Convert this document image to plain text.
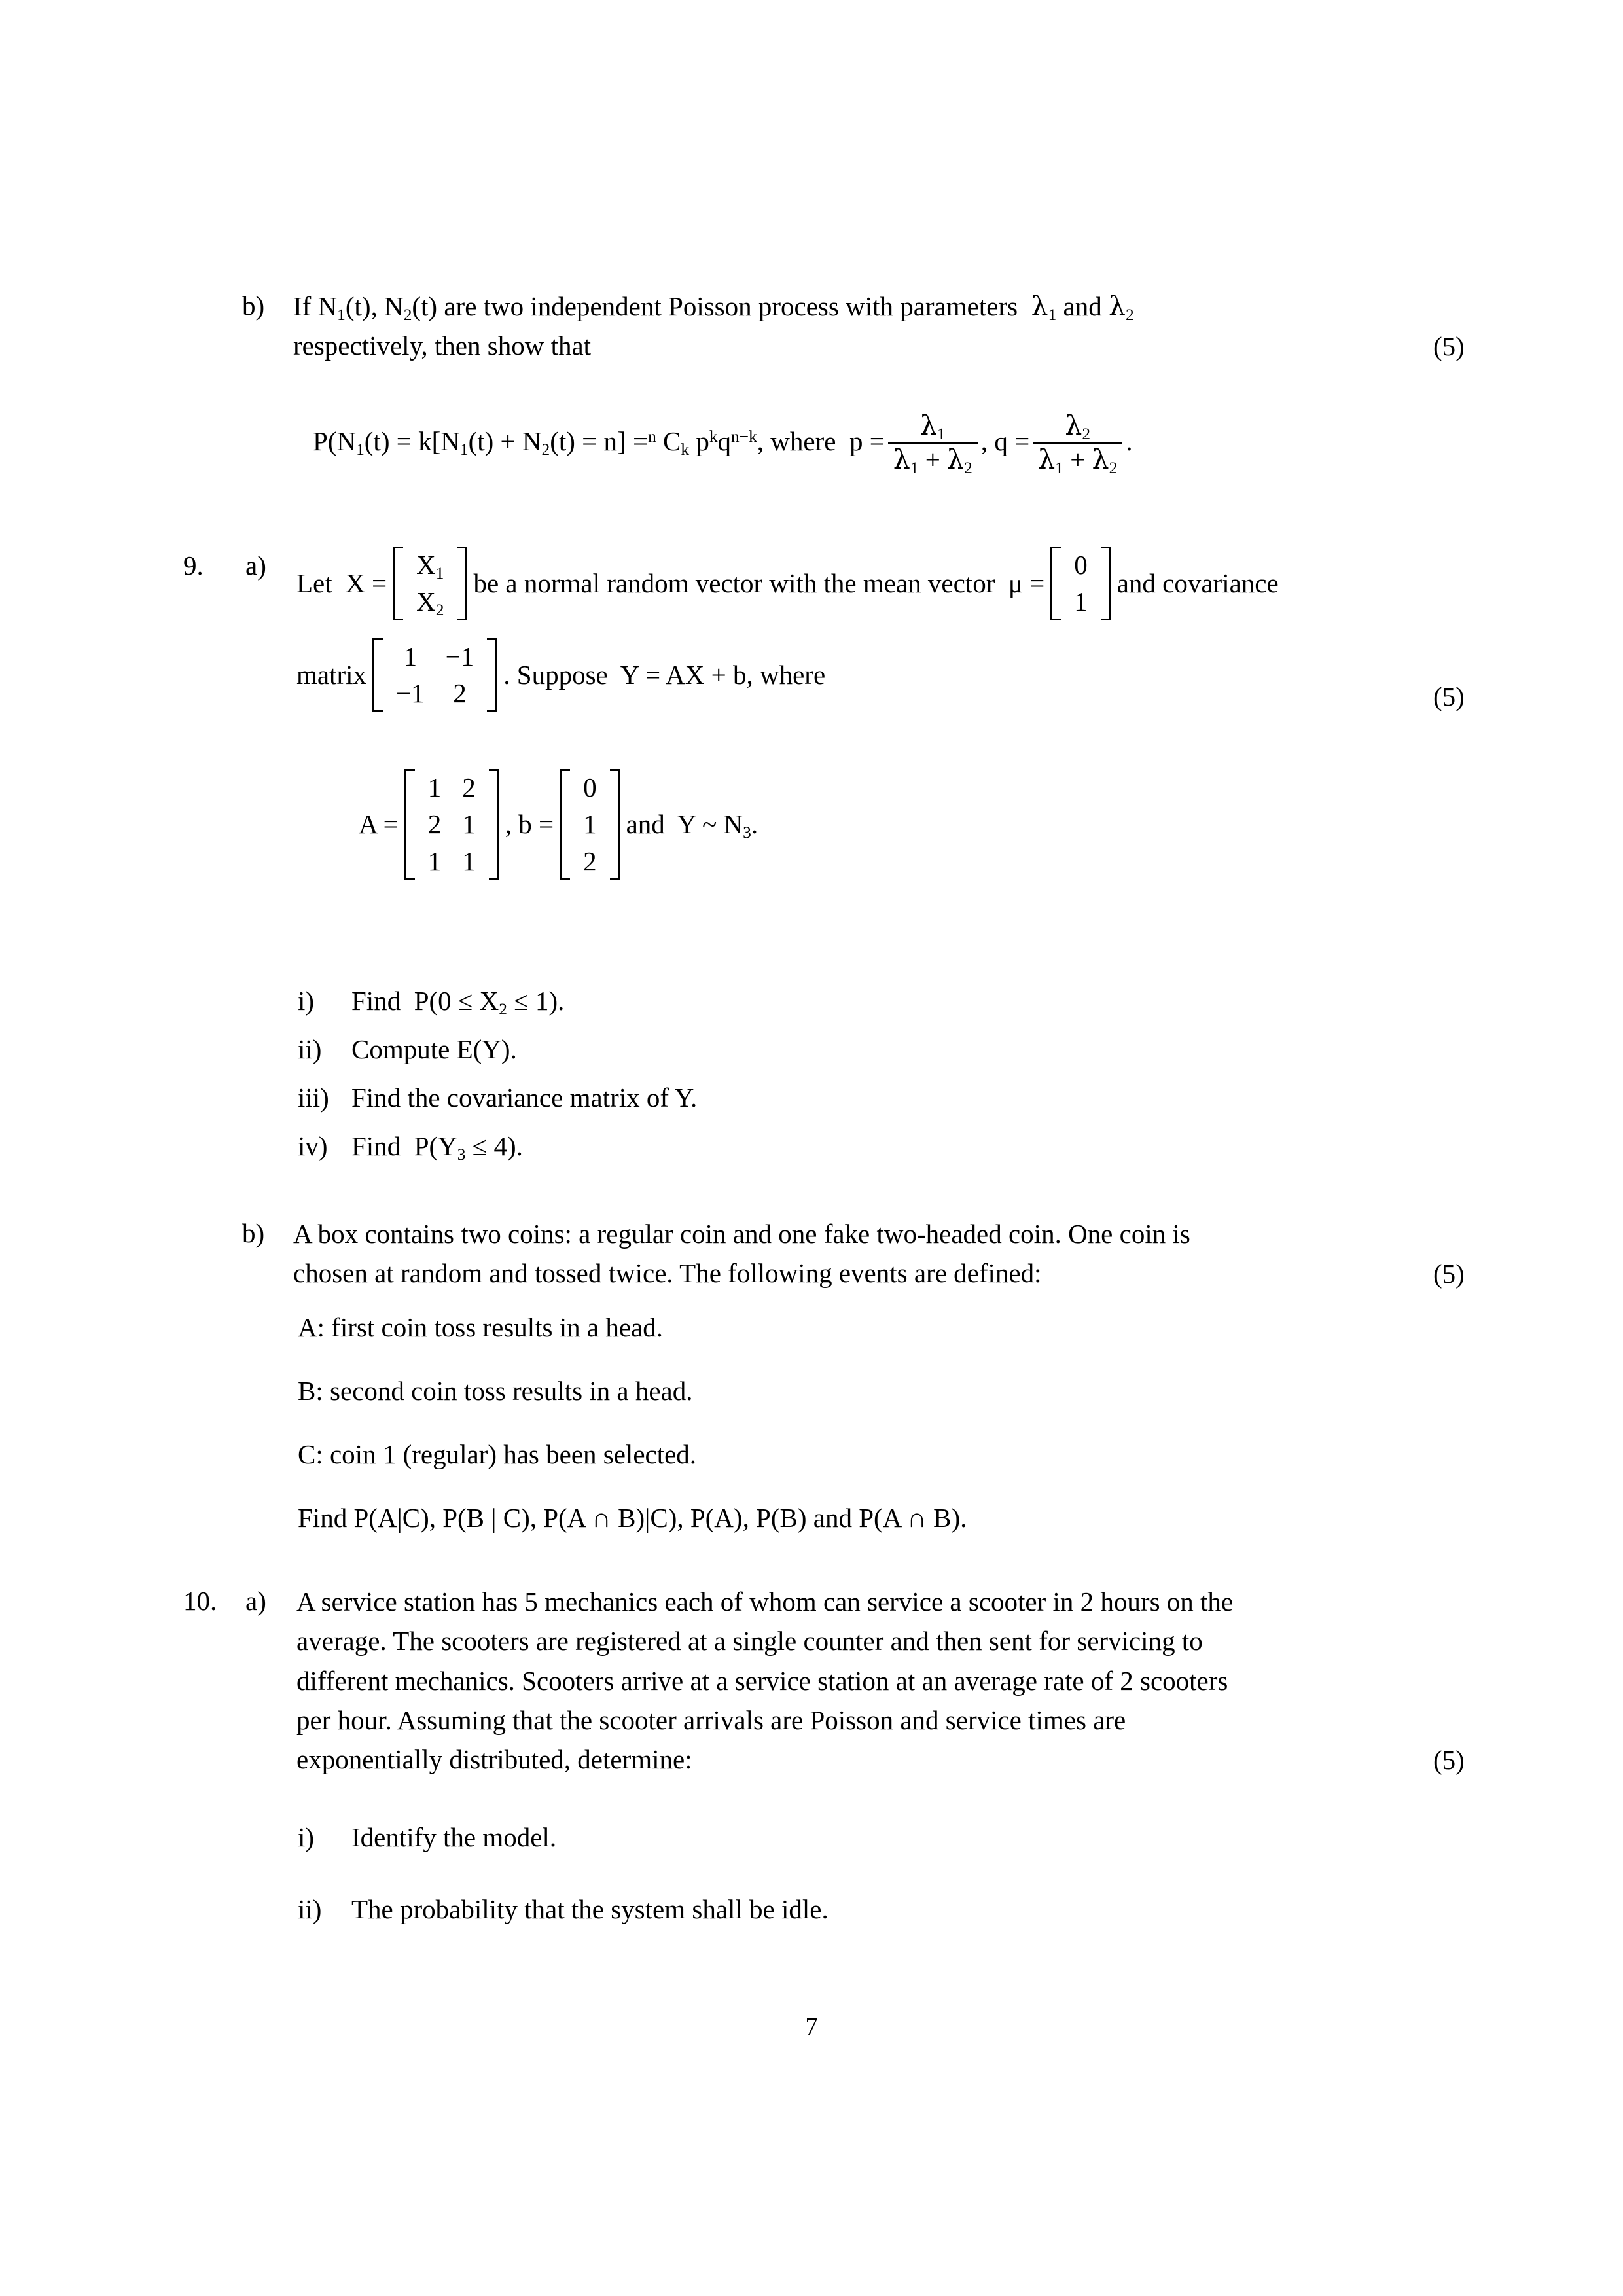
b)	If $N_1(t)$, $N_2(t)$ are two independent Poisson process with parameters  $\lambda_1$ and $\lambda_2$
respectively, then show that	(5)
$P(N_1(t) = k[N_1(t) + N_2(t) = n] =^n$ $C_k$ $p^kq^{n-k}$, where  $p = \frac{\lambda_1}{\lambda_1 + \lambda_2}$ , $q = \frac{\lambda_2}{\lambda_1 + \lambda_2}$ .
9.	a)
Let  X =
$X_1$
$X_2$
be a normal random vector with the mean vector  μ =
0
1
and covariance
(5)
matrix
1	−1
−1	2
. Suppose  Y = AX + b, where
A =
1	2
2	1
1	1
, b =
0
1
2
and  Y ~ $N_3$.
i)	Find  $P(0 \le X_2 \le 1)$.
ii)	Compute E(Y).
iii) Find the covariance matrix of Y.
iv) Find  $P(Y_3 \le 4)$.
b)	A box contains two coins: a regular coin and one fake two-headed coin. One coin is
chosen at random and tossed twice. The following events are defined:	(5)
A: first coin toss results in a head.
B: second coin toss results in a head.
C: coin 1 (regular) has been selected.
Find P(A|C), P(B | C), P(A ∩ B)|C), P(A), P(B) and P(A ∩ B).
10.	a)	A service station has 5 mechanics each of whom can service a scooter in 2 hours on the
average. The scooters are registered at a single counter and then sent for servicing to
different mechanics. Scooters arrive at a service station at an average rate of 2 scooters
per hour. Assuming that the scooter arrivals are Poisson and service times are
exponentially distributed, determine:	(5)
i)	Identify the model.
ii)	The probability that the system shall be idle.
7
